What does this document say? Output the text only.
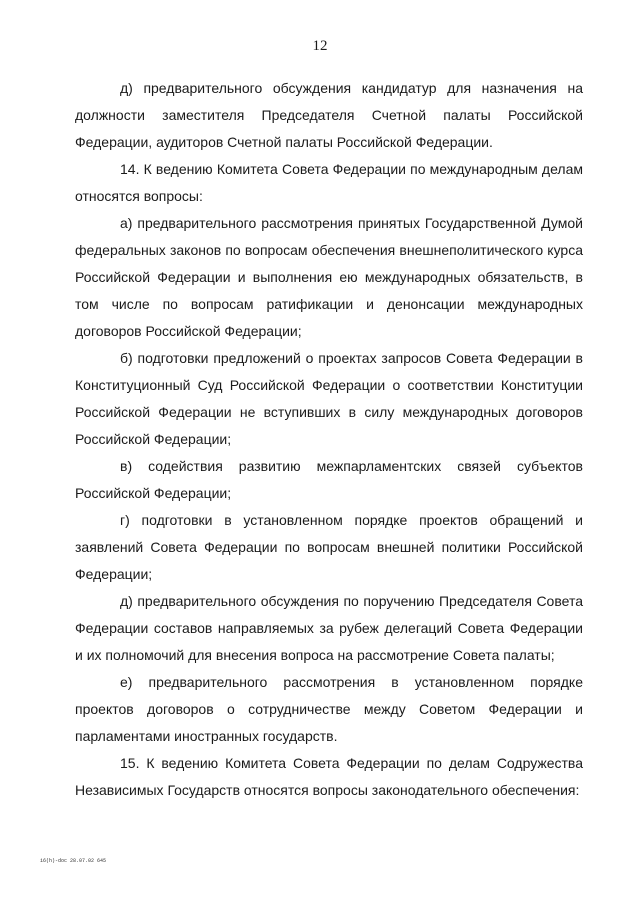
12

д) предварительного обсуждения кандидатур для назначения на должности заместителя Председателя Счетной палаты Российской Федерации, аудиторов Счетной палаты Российской Федерации.

14. К ведению Комитета Совета Федерации по международным делам относятся вопросы:

а) предварительного рассмотрения принятых Государственной Думой федеральных законов по вопросам обеспечения внешнеполитического курса Российской Федерации и выполнения ею международных обязательств, в том числе по вопросам ратификации и денонсации международных договоров Российской Федерации;

б) подготовки предложений о проектах запросов Совета Федерации в Конституционный Суд Российской Федерации о соответствии Конституции Российской Федерации не вступивших в силу международных договоров Российской Федерации;

в) содействия развитию межпарламентских связей субъектов Российской Федерации;

г) подготовки в установленном порядке проектов обращений и заявлений Совета Федерации по вопросам внешней политики Российской Федерации;

д) предварительного обсуждения по поручению Председателя Совета Федерации составов направляемых за рубеж делегаций Совета Федерации и их полномочий для внесения вопроса на рассмотрение Совета палаты;

е) предварительного рассмотрения в установленном порядке проектов договоров о сотрудничестве между Советом Федерации и парламентами иностранных государств.

15. К ведению Комитета Совета Федерации по делам Содружества Независимых Государств относятся вопросы законодательного обеспечения:

i6(h)-doc 28.07.02 645
